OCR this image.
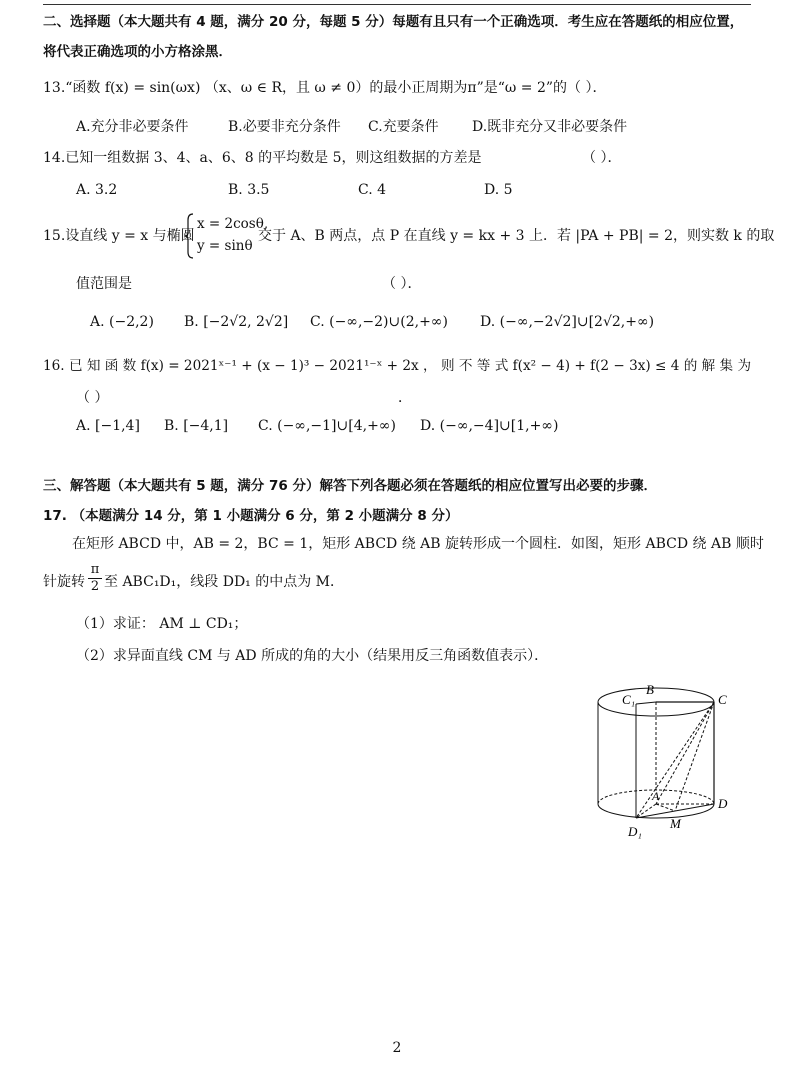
二、选择题（本大题共有 4 题，满分 20 分，每题 5 分）每题有且只有一个正确选项．考生应在答题纸的相应位置，
将代表正确选项的小方格涂黑．
13.“函数 f(x) = sin(ωx) （x、ω ∈ R，且 ω ≠ 0）的最小正周期为π”是“ω = 2”的（ ）．
A.充分非必要条件	B.必要非充分条件 C.充要条件 D.既非充分又非必要条件
14.已知一组数据 3、4、a、6、8 的平均数是 5，则这组数据的方差是	（ ）．
A. 3.2	B. 3.5	C. 4	D. 5
15.设直线 y = x 与椭圆
x = 2cosθ,
y = sinθ
交于 A、B 两点，点 P 在直线 y = kx + 3 上．若 |PA + PB| = 2，则实数 k 的取
值范围是	（ ）．
A. (−2,2) B. [−2√2, 2√2] C. (−∞,−2)∪(2,+∞) D. (−∞,−2√2]∪[2√2,+∞)
16. 已 知 函 数 f(x) = 2021ˣ⁻¹ + (x − 1)³ − 2021¹⁻ˣ + 2x ， 则 不 等 式 f(x² − 4) + f(2 − 3x) ≤ 4 的 解 集 为
（ ）	．
A. [−1,4] B. [−4,1] C. (−∞,−1]∪[4,+∞) D. (−∞,−4]∪[1,+∞)
三、解答题（本大题共有 5 题，满分 76 分）解答下列各题必须在答题纸的相应位置写出必要的步骤．
17. （本题满分 14 分，第 1 小题满分 6 分，第 2 小题满分 8 分）
在矩形 ABCD 中，AB = 2，BC = 1，矩形 ABCD 绕 AB 旋转形成一个圆柱．如图，矩形 ABCD 绕 AB 顺时
针旋转 $\frac{\pi}{2}$ 至 ABC₁D₁，线段 DD₁ 的中点为 M．
（1）求证： AM ⊥ CD₁；
（2）求异面直线 CM 与 AD 所成的角的大小（结果用反三角函数值表示）．
B
C₁	C
A	D
D₁
M
2
